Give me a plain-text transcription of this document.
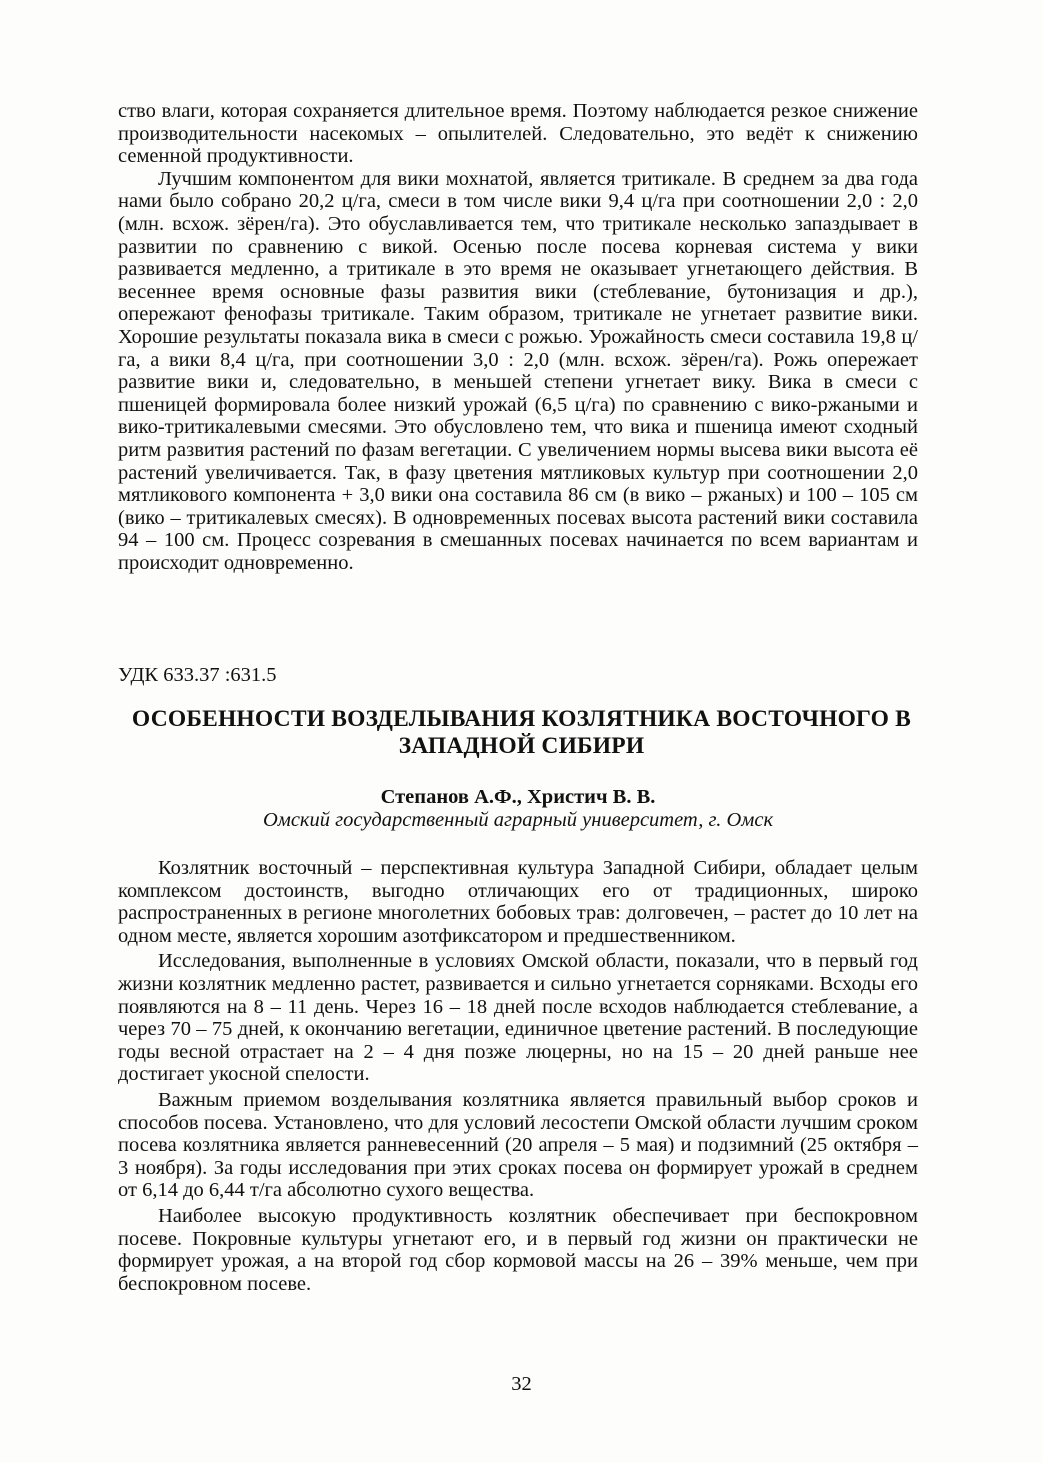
ство влаги, которая сохраняется длительное время. Поэтому наблюдается резкое снижение производительности насекомых – опылителей. Следовательно, это ведёт к снижению семенной продуктивности.

Лучшим компонентом для вики мохнатой, является тритикале. В среднем за два года нами было собрано 20,2 ц/га, смеси в том числе вики 9,4 ц/га при соотношении 2,0 : 2,0 (млн. всхож. зёрен/га). Это обуславливается тем, что тритикале несколько запаздывает в развитии по сравнению с викой. Осенью после посева корневая система у вики развивается медленно, а тритикале в это время не оказывает угнетающего действия. В весеннее время основные фазы развития вики (стеблевание, бутонизация и др.), опережают фенофазы тритикале. Таким образом, тритикале не угнетает развитие вики. Хорошие результаты показала вика в смеси с рожью. Урожайность смеси составила 19,8 ц/га, а вики 8,4 ц/га, при соотношении 3,0 : 2,0 (млн. всхож. зёрен/га). Рожь опережает развитие вики и, следовательно, в меньшей степени угнетает вику. Вика в смеси с пшеницей формировала более низкий урожай (6,5 ц/га) по сравнению с вико-ржаными и вико-тритикалевыми смесями. Это обусловлено тем, что вика и пшеница имеют сходный ритм развития растений по фазам вегетации. С увеличением нормы высева вики высота её растений увеличивается. Так, в фазу цветения мятликовых культур при соотношении 2,0 мятликового компонента + 3,0 вики она составила 86 см (в вико – ржаных) и 100 – 105 см (вико – тритикалевых смесях). В одновременных посевах высота растений вики составила 94 – 100 см. Процесс созревания в смешанных посевах начинается по всем вариантам и происходит одновременно.

УДК 633.37 :631.5
ОСОБЕННОСТИ ВОЗДЕЛЫВАНИЯ КОЗЛЯТНИКА ВОСТОЧНОГО В ЗАПАДНОЙ СИБИРИ
Степанов А.Ф., Христич В. В.
Омский государственный аграрный университет, г. Омск

Козлятник восточный – перспективная культура Западной Сибири, обладает целым комплексом достоинств, выгодно отличающих его от традиционных, широко распространенных в регионе многолетних бобовых трав: долговечен, – растет до 10 лет на одном месте, является хорошим азотфиксатором и предшественником.

Исследования, выполненные в условиях Омской области, показали, что в первый год жизни козлятник медленно растет, развивается и сильно угнетается сорняками. Всходы его появляются на 8 – 11 день. Через 16 – 18 дней после всходов наблюдается стеблевание, а через 70 – 75 дней, к окончанию вегетации, единичное цветение растений. В последующие годы весной отрастает на 2 – 4 дня позже люцерны, но на 15 – 20 дней раньше нее достигает укосной спелости.

Важным приемом возделывания козлятника является правильный выбор сроков и способов посева. Установлено, что для условий лесостепи Омской области лучшим сроком посева козлятника является ранневесенний (20 апреля – 5 мая) и подзимний (25 октября – 3 ноября). За годы исследования при этих сроках посева он формирует урожай в среднем от 6,14 до 6,44 т/га абсолютно сухого вещества.

Наиболее высокую продуктивность козлятник обеспечивает при беспокровном посеве. Покровные культуры угнетают его, и в первый год жизни он практически не формирует урожая, а на второй год сбор кормовой массы на 26 – 39% меньше, чем при беспокровном посеве.

32
